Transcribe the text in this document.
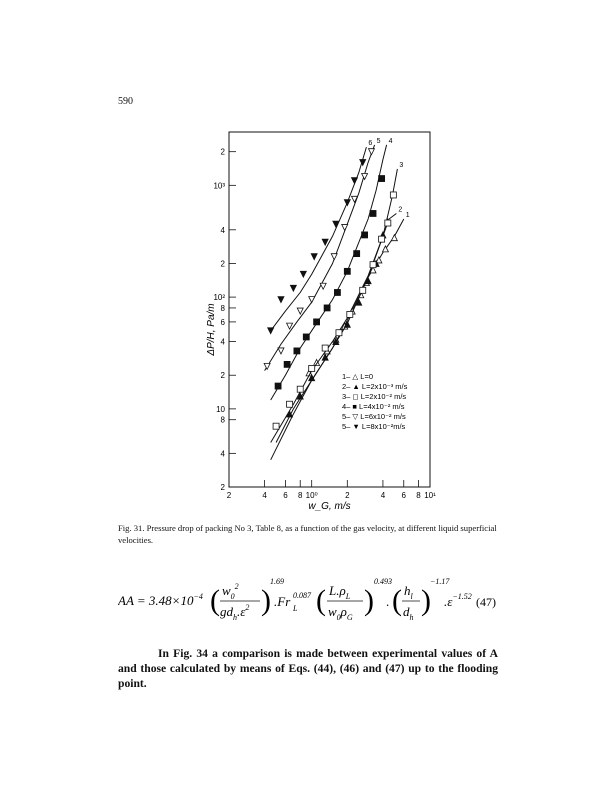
590
2	4 6 8 10⁰	2	4 6 8 10¹
2
4
8
10
2
4
6
8
10²
2
4
10³
2
1
2
3
4
5
6
1– △ L=0
2– ▲ L=2x10⁻³ m/s
3– ◻ L=2x10⁻² m/s
4– ■ L=4x10⁻² m/s
5– ▽ L=6x10⁻² m/s
5– ▼ L=8x10⁻²m/s
w_G, m/s
ΔP/H, Pa/m
Fig. 31. Pressure drop of packing No 3, Table 8, as a function of the gas velocity, at different liquid superficial velocities.
AA = $3.48\times 10^{-4}$ ( $w_0^2$
$gd_h.\varepsilon^2$ )
1.69
.Fr L
0.087 ( $L.\rho_L$
$w_0\rho_G$
)
0.493
. ( $h_l$
$d_h$
)
−1.17
$.\varepsilon^{-1.52}$ (47)
In Fig. 34 a comparison is made between experimental values of A and those calculated by means of Eqs. (44), (46) and (47) up to the flooding point.
